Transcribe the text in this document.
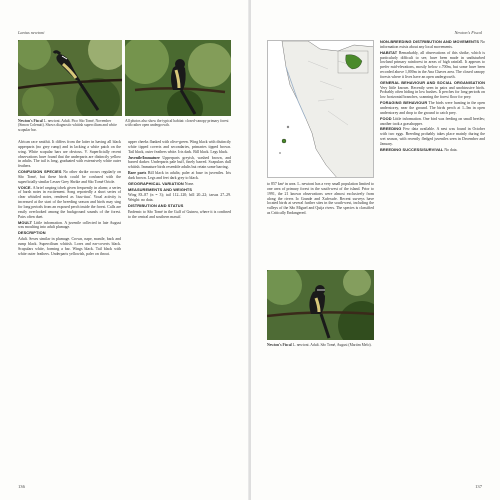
Lanius newtoni
Newton's Fiscal L. newtoni. Adult. Pico São Tomé, November (Simon Colenutt). Shows diagnostic whitish supercilium and white scapular bar.
All photos also show the typical habitat: closed-canopy primary forest with rather open undergrowth.

African race smithii. It differs from the latter in having all black upperparts (no grey rump) and in lacking a white patch on the wing. White scapular bars are obvious. V. Superficially recent observations have found that the underparts are distinctly yellow in adults. The tail is long, graduated with extensively white outer feathers.

CONFUSION SPECIES No other shrike occurs regularly on São Tomé, but these birds could be confused with the superficially similar Lesser Grey Shrike and São Tomé Oriole.

VOICE. A brief rasping tchek given frequently in alarm; a series of harsh notes in excitement. Song reportedly a short series of clear whistled notes, rendered as 'tiuu-tiuu'. Vocal activity is increased at the start of the breeding season and birds may sing for long periods from an exposed perch inside the forest. Calls are easily overlooked among the background sounds of the forest. Pairs often duet.

MOULT Little information. A juvenile collected in late August was moulting into adult plumage.

DESCRIPTION

Adult. Sexes similar in plumage. Crown, nape, mantle, back and rump black. Supercilium whitish. Lores and ear-coverts black. Scapulars white, forming a bar. Wings black. Tail black with white outer feathers. Underparts yellowish, paler on throat.

upper cheeks flanked with olive-green. Wing black with distinctly white tipped coverts and secondaries, primaries tipped brown. Tail black, outer feathers white. Iris dark. Bill black. Legs black.

Juvenile/Immature Upperparts greyish, washed brown, and barred darker. Underparts pale buff, finely barred. Scapulars dull whitish. Immature birds resemble adults but retain some barring.

Bare parts Bill black in adults; paler at base in juveniles. Iris dark brown. Legs and feet dark grey to black.

GEOGRAPHICAL VARIATION None.

MEASUREMENTS AND WEIGHTS

Wing 83–87 (n = 3); tail 112–120; bill 20–22; tarsus 27–29. Weight: no data.

DISTRIBUTION AND STATUS

Endemic to São Tomé in the Gulf of Guinea, where it is confined to the central and southern massif.

136
Newton's Fiscal

NON-BREEDING DISTRIBUTION AND MOVEMENTS No information exists about any local movements.

HABITAT Remarkably, all observations of this shrike, which is particularly difficult to see, have been made in undisturbed lowland primary rainforest in areas of high rainfall. It appears to prefer mid-elevations, mostly below c.700m, but some have been recorded above 1,000m in the Ana Chaves area. The closed canopy forests where it lives have an open undergrowth.

GENERAL BEHAVIOUR AND SOCIAL ORGANISATION Very little known. Recently seen in pairs and unobtrusive birds. Probably often hiding in low bushes. It perches for long periods on low horizontal branches, scanning the forest floor for prey.

FORAGING BEHAVIOUR The birds were hunting in the open understorey, near the ground. The birds perch at 1–3m in open understorey and drop to the ground to catch prey.

FOOD Little information. One bird was feeding on small beetles; another took a grasshopper.

BREEDING Few data available. A nest was found in October with two eggs. Breeding probably takes place mainly during the wet season, with recently fledged juveniles seen in December and January.

BREEDING SUCCESS/SURVIVAL No data.

to 857 km² in area. L. newtoni has a very small population limited to one area of primary forest in the south-west of the island. Prior to 1991, the 21 known observations were almost exclusively from along the rivers Io Grande and Xufexufe. Recent surveys have located birds at several further sites in the south-west, including the valleys of the São Miguel and Quija rivers. The species is classified as Critically Endangered.

Newton's Fiscal L. newtoni. Adult. São Tomé, August (Martim Melo).
137
